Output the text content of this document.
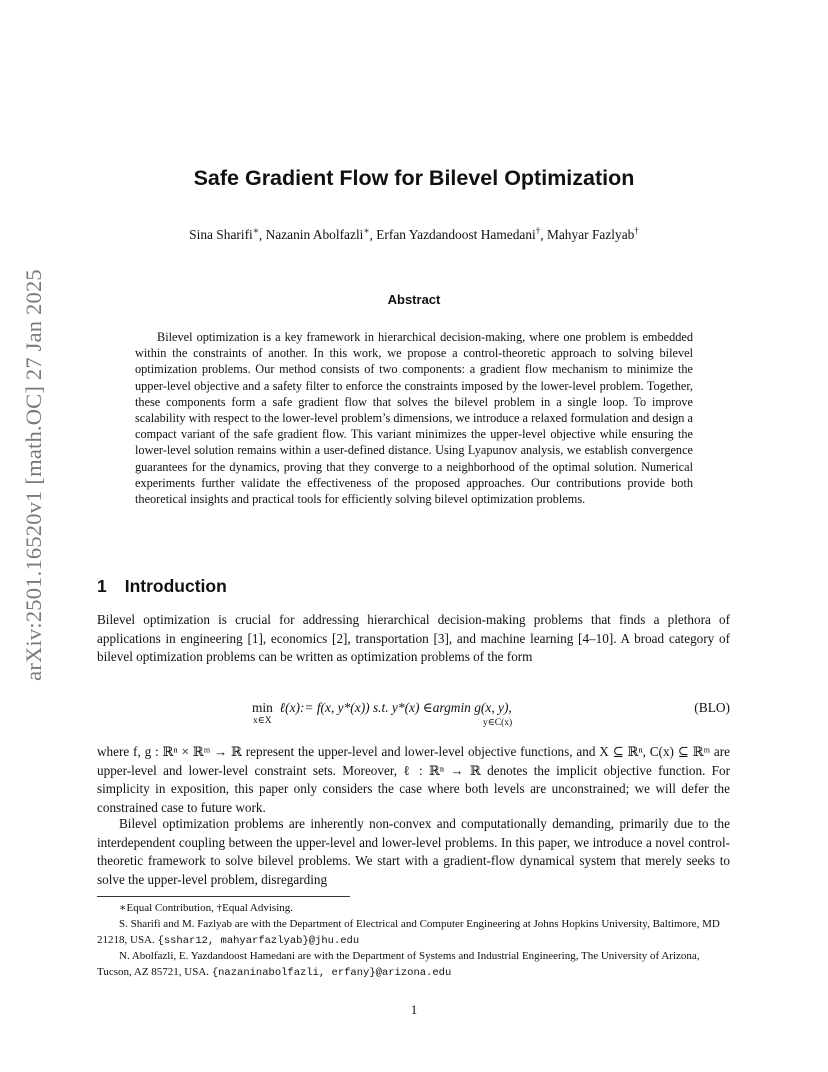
arXiv:2501.16520v1 [math.OC] 27 Jan 2025
Safe Gradient Flow for Bilevel Optimization
Sina Sharifi∗, Nazanin Abolfazli∗, Erfan Yazdandoost Hamedani†, Mahyar Fazlyab†
Abstract
Bilevel optimization is a key framework in hierarchical decision-making, where one problem is embedded within the constraints of another. In this work, we propose a control-theoretic approach to solving bilevel optimization problems. Our method consists of two components: a gradient flow mechanism to minimize the upper-level objective and a safety filter to enforce the constraints imposed by the lower-level problem. Together, these components form a safe gradient flow that solves the bilevel problem in a single loop. To improve scalability with respect to the lower-level problem’s dimensions, we introduce a relaxed formulation and design a compact variant of the safe gradient flow. This variant minimizes the upper-level objective while ensuring the lower-level solution remains within a user-defined distance. Using Lyapunov analysis, we establish convergence guarantees for the dynamics, proving that they converge to a neighborhood of the optimal solution. Numerical experiments further validate the effectiveness of the proposed approaches. Our contributions provide both theoretical insights and practical tools for efficiently solving bilevel optimization problems.
1 Introduction
Bilevel optimization is crucial for addressing hierarchical decision-making problems that finds a plethora of applications in engineering [1], economics [2], transportation [3], and machine learning [4–10]. A broad category of bilevel optimization problems can be written as optimization problems of the form
min ℓ(x):= f(x, y*(x)) s.t. y*(x) ∈argmin g(x, y),
x∈X	y∈C(x)
(BLO)
where f, g : ℝⁿ × ℝᵐ → ℝ represent the upper-level and lower-level objective functions, and X ⊆ ℝⁿ, C(x) ⊆ ℝᵐ are upper-level and lower-level constraint sets. Moreover, ℓ : ℝⁿ → ℝ denotes the implicit objective function. For simplicity in exposition, this paper only considers the case where both levels are unconstrained; we will defer the constrained case to future work.
Bilevel optimization problems are inherently non-convex and computationally demanding, primarily due to the interdependent coupling between the upper-level and lower-level problems. In this paper, we introduce a novel control-theoretic framework to solve bilevel problems. We start with a gradient-flow dynamical system that merely seeks to solve the upper-level problem, disregarding
∗Equal Contribution, †Equal Advising.
S. Sharifi and M. Fazlyab are with the Department of Electrical and Computer Engineering at Johns Hopkins University, Baltimore, MD 21218, USA. {sshar12, mahyarfazlyab}@jhu.edu
N. Abolfazli, E. Yazdandoost Hamedani are with the Department of Systems and Industrial Engineering, The University of Arizona, Tucson, AZ 85721, USA. {nazaninabolfazli, erfany}@arizona.edu
1
